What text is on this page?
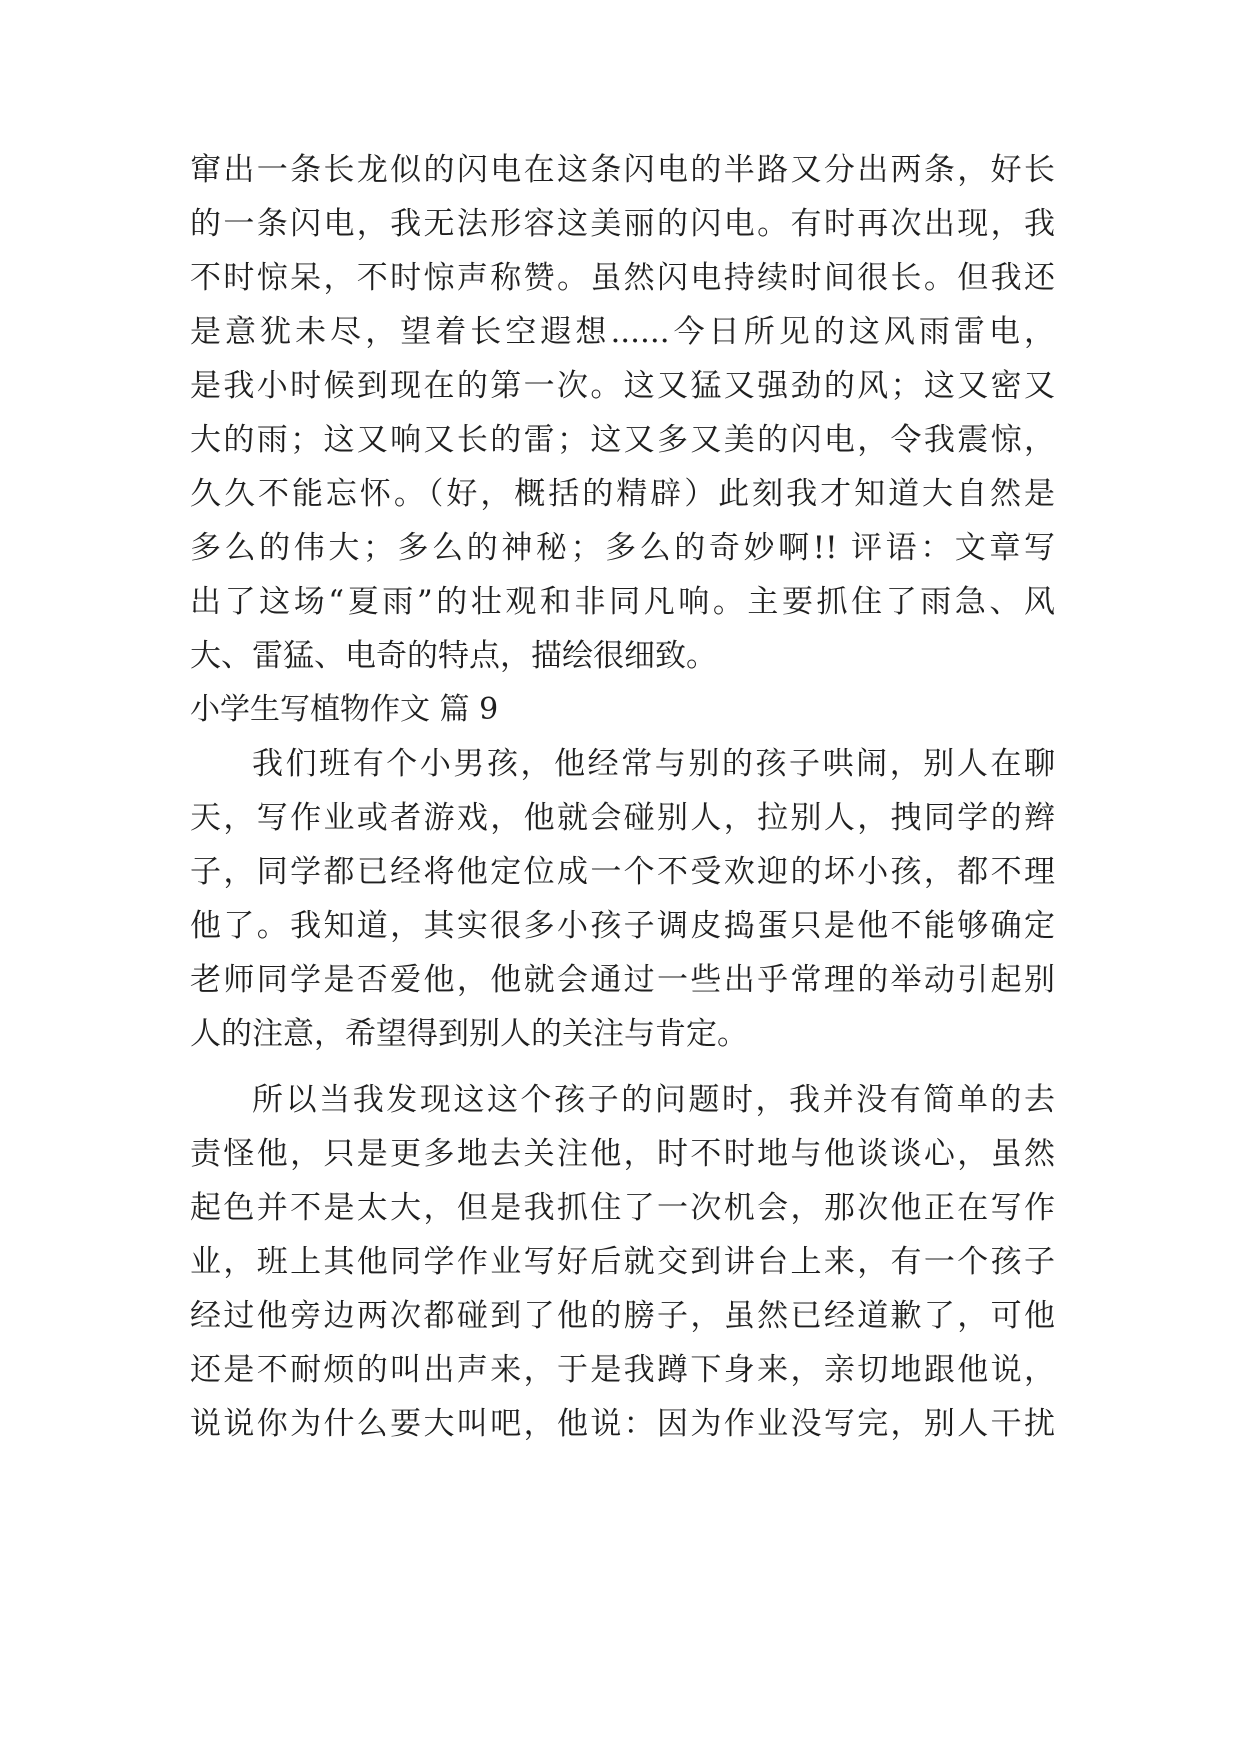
窜出一条长龙似的闪电在这条闪电的半路又分出两条，好长
的一条闪电，我无法形容这美丽的闪电。有时再次出现，我
不时惊呆，不时惊声称赞。虽然闪电持续时间很长。但我还
是意犹未尽，望着长空遐想......今日所见的这风雨雷电，
是我小时候到现在的第一次。这又猛又强劲的风；这又密又
大的雨；这又响又长的雷；这又多又美的闪电，令我震惊，
久久不能忘怀。（好，概括的精辟）此刻我才知道大自然是
多么的伟大；多么的神秘；多么的奇妙啊!! 评语：文章写
出了这场“夏雨”的壮观和非同凡响。主要抓住了雨急、风
大、雷猛、电奇的特点，描绘很细致。
小学生写植物作文 篇 9
我们班有个小男孩，他经常与别的孩子哄闹，别人在聊
天，写作业或者游戏，他就会碰别人，拉别人，拽同学的辫
子，同学都已经将他定位成一个不受欢迎的坏小孩，都不理
他了。我知道，其实很多小孩子调皮捣蛋只是他不能够确定
老师同学是否爱他，他就会通过一些出乎常理的举动引起别
人的注意，希望得到别人的关注与肯定。
所以当我发现这这个孩子的问题时，我并没有简单的去
责怪他，只是更多地去关注他，时不时地与他谈谈心，虽然
起色并不是太大，但是我抓住了一次机会，那次他正在写作
业，班上其他同学作业写好后就交到讲台上来，有一个孩子
经过他旁边两次都碰到了他的膀子，虽然已经道歉了，可他
还是不耐烦的叫出声来，于是我蹲下身来，亲切地跟他说，
说说你为什么要大叫吧，他说：因为作业没写完，别人干扰
